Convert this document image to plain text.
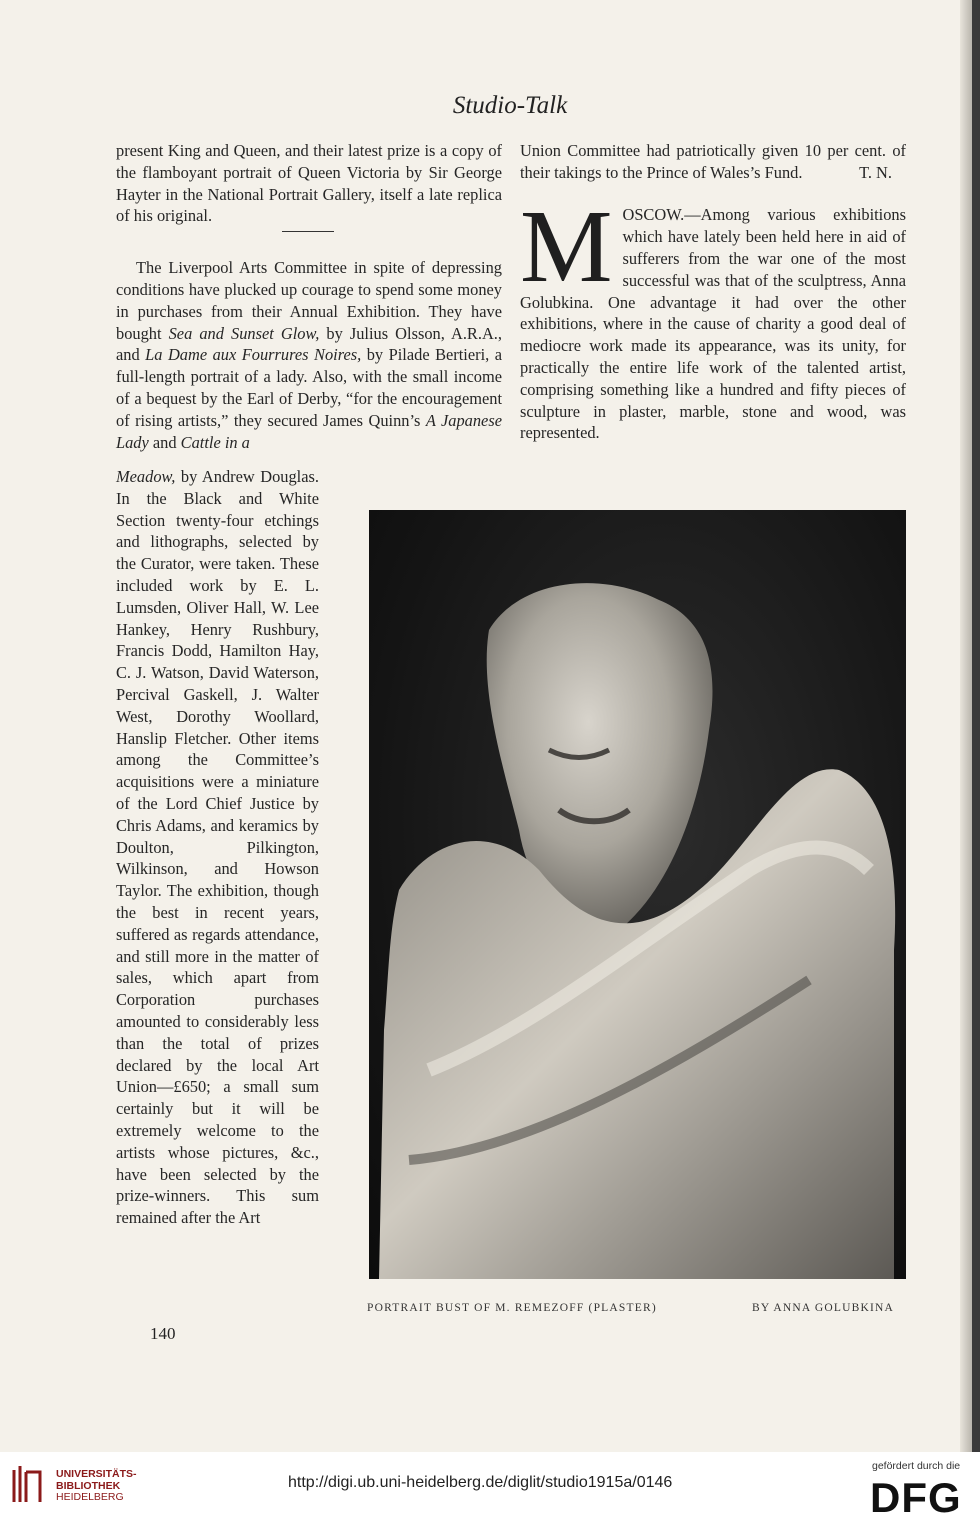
Studio-Talk

present King and Queen, and their latest prize is a copy of the flamboyant portrait of Queen Victoria by Sir George Hayter in the National Portrait Gallery, itself a late replica of his original.

The Liverpool Arts Committee in spite of depressing conditions have plucked up courage to spend some money in purchases from their Annual Exhibition. They have bought Sea and Sunset Glow, by Julius Olsson, A.R.A., and La Dame aux Fourrures Noires, by Pilade Bertieri, a full-length portrait of a lady. Also, with the small income of a bequest by the Earl of Derby, “for the encouragement of rising artists,” they secured James Quinn’s A Japanese Lady and Cattle in a

Meadow, by Andrew Douglas. In the Black and White Section twenty-four etchings and lithographs, selected by the Curator, were taken. These included work by E. L. Lumsden, Oliver Hall, W. Lee Hankey, Henry Rushbury, Francis Dodd, Hamilton Hay, C. J. Watson, David Waterson, Percival Gaskell, J. Walter West, Dorothy Woollard, Hanslip Fletcher. Other items among the Committee’s acquisitions were a miniature of the Lord Chief Justice by Chris Adams, and keramics by Doulton, Pilkington, Wilkinson, and Howson Taylor. The exhibition, though the best in recent years, suffered as regards attendance, and still more in the matter of sales, which apart from Corporation purchases amounted to considerably less than the total of prizes declared by the local Art Union—£650; a small sum certainly but it will be extremely welcome to the artists whose pictures, &c., have been selected by the prize-winners. This sum remained after the Art

Union Committee had patriotically given 10 per cent. of their takings to the Prince of Wales’s Fund.	T. N.

MOSCOW.—Among various exhibitions which have lately been held here in aid of sufferers from the war one of the most successful was that of the sculptress, Anna Golubkina. One advantage it had over the other exhibitions, where in the cause of charity a good deal of mediocre work made its appearance, was its unity, for practically the entire life work of the talented artist, comprising something like a hundred and fifty pieces of sculpture in plaster, marble, stone and wood, was represented.

PORTRAIT BUST OF M. REMEZOFF (PLASTER)	BY ANNA GOLUBKINA
140
UNIVERSITÄTS-
BIBLIOTHEK
HEIDELBERG
http://digi.ub.uni-heidelberg.de/diglit/studio1915a/0146
gefördert durch die
DFG
